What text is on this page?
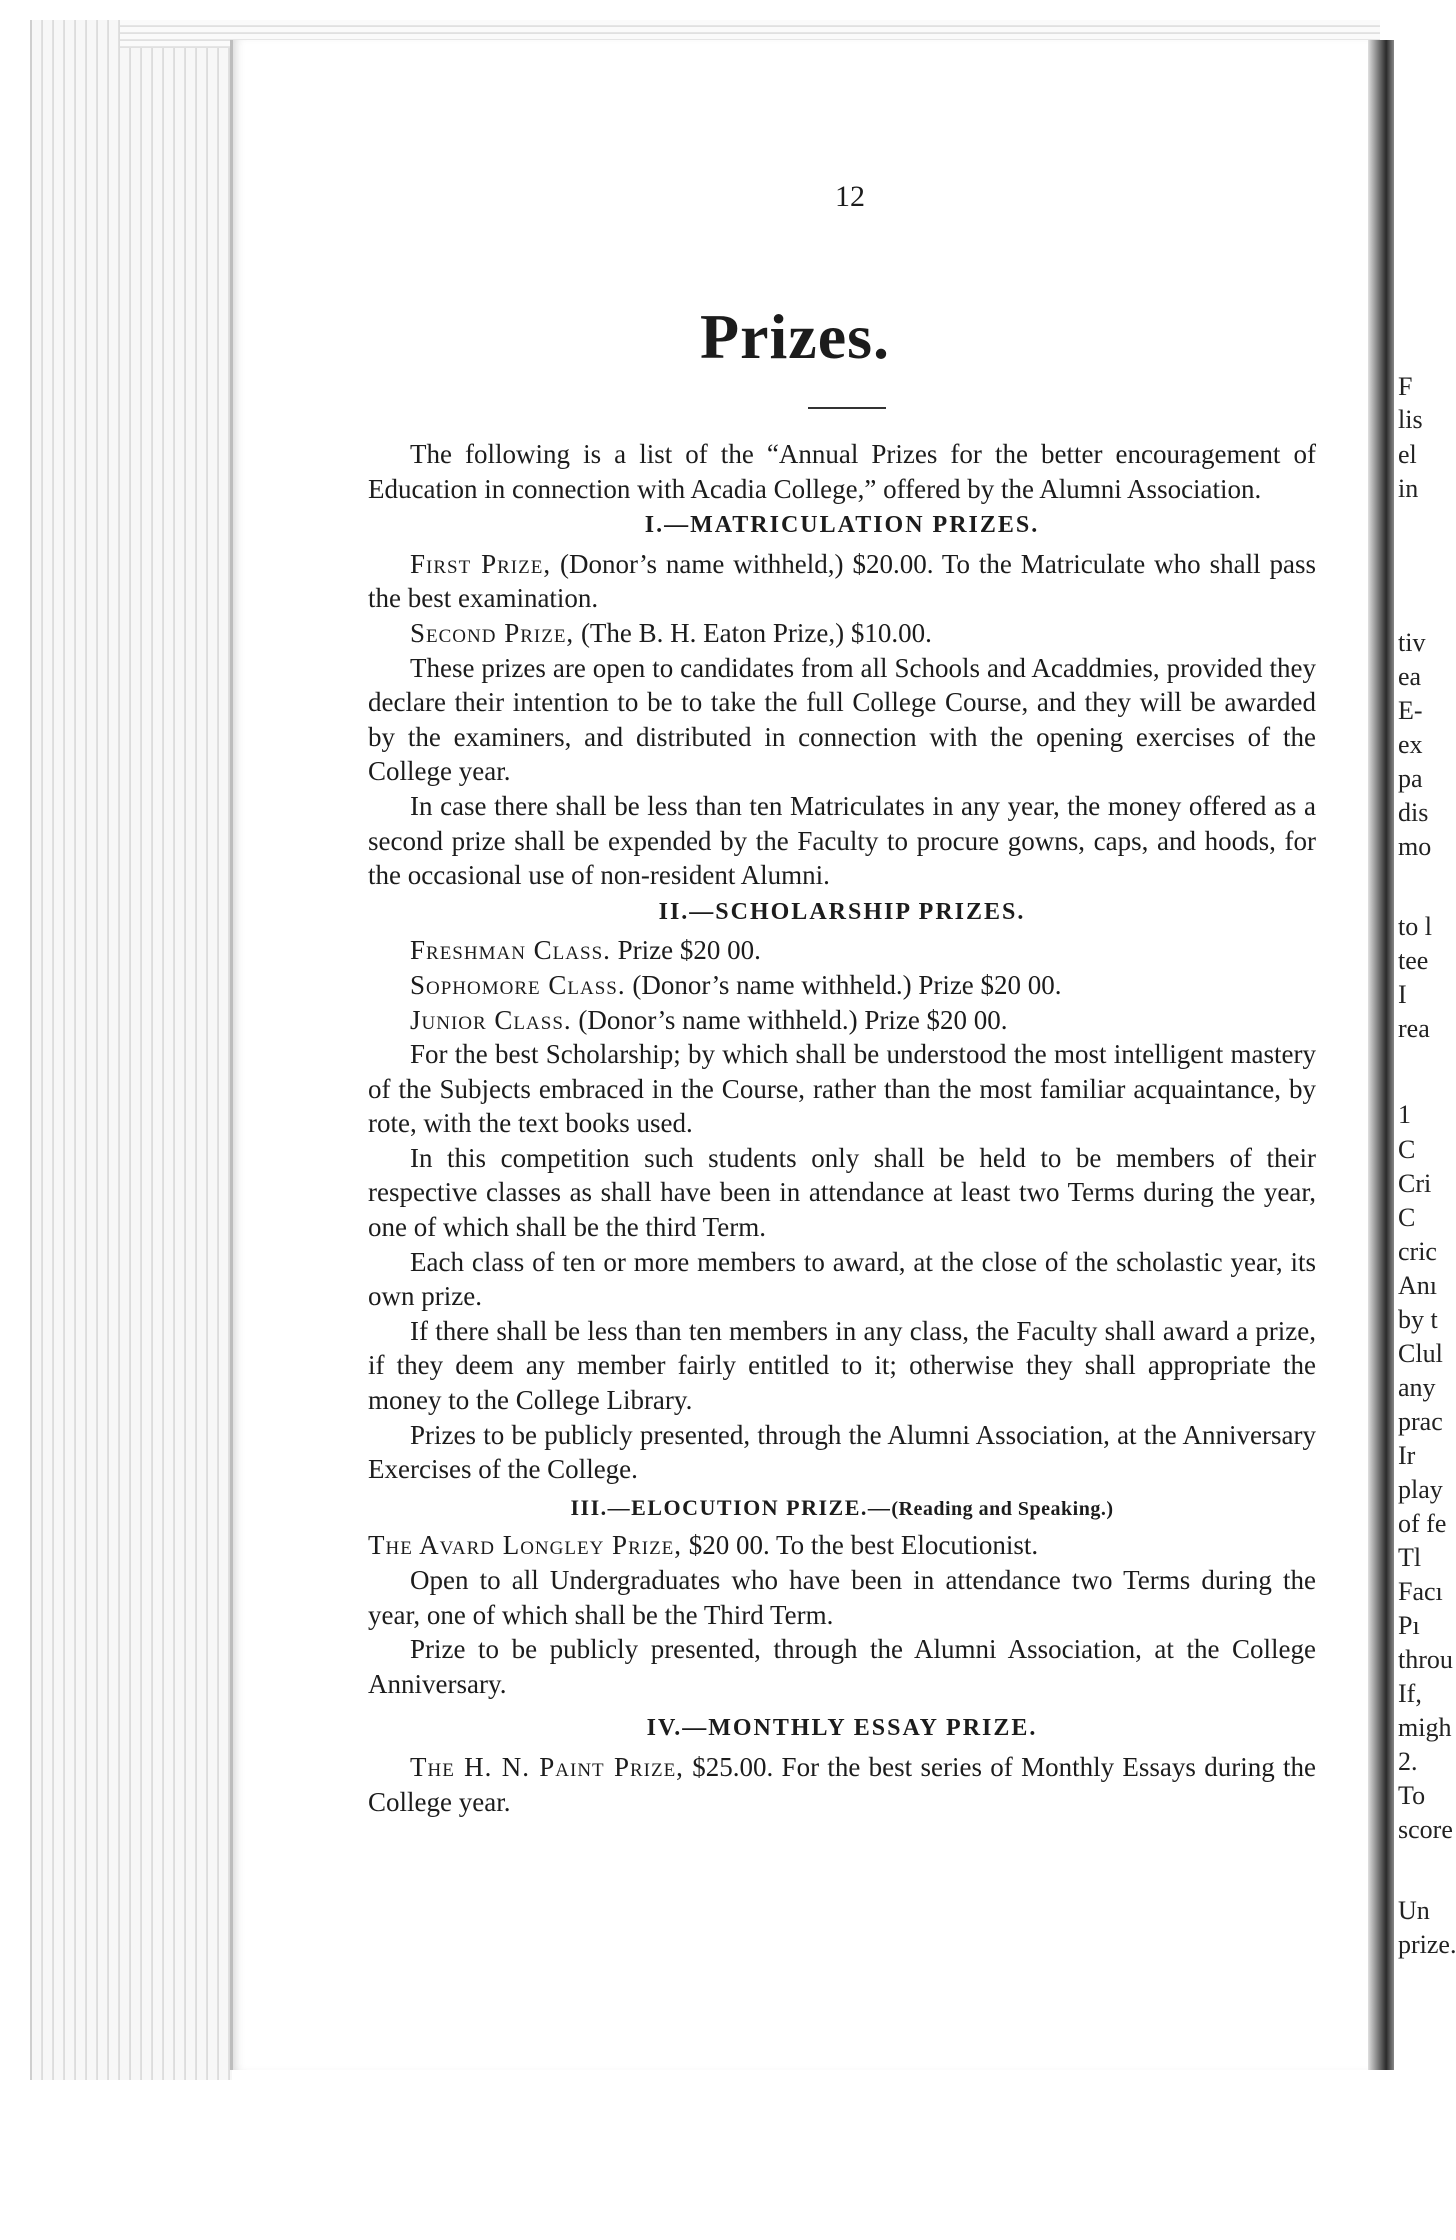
F
lis
el
in
tiv
ea
E-
ex
pa
dis
mo
to l
tee
I
rea
1
C
Cri
C
cric
Anı
by t
Clul
any
prac
Ir
play
of fe
Tl
Facı
Pı
throu
If,
migh
2.
To
score
Un
prize.
12
Prizes.

The following is a list of the “Annual Prizes for the better encouragement of Education in connection with Acadia College,” offered by the Alumni Association.

I.—MATRICULATION PRIZES.

First Prize, (Donor’s name withheld,) $20.00. To the Matriculate who shall pass the best examination.

Second Prize, (The B. H. Eaton Prize,) $10.00.

These prizes are open to candidates from all Schools and Acaddmies, provided they declare their intention to be to take the full College Course, and they will be awarded by the examiners, and distributed in connection with the opening exercises of the College year.

In case there shall be less than ten Matriculates in any year, the money offered as a second prize shall be expended by the Faculty to procure gowns, caps, and hoods, for the occasional use of non-resident Alumni.

II.—SCHOLARSHIP PRIZES.

Freshman Class. Prize $20 00.

Sophomore Class. (Donor’s name withheld.) Prize $20 00.

Junior Class. (Donor’s name withheld.) Prize $20 00.

For the best Scholarship; by which shall be understood the most intelligent mastery of the Subjects embraced in the Course, rather than the most familiar acquaintance, by rote, with the text books used.

In this competition such students only shall be held to be members of their respective classes as shall have been in attendance at least two Terms during the year, one of which shall be the third Term.

Each class of ten or more members to award, at the close of the scholastic year, its own prize.

If there shall be less than ten members in any class, the Faculty shall award a prize, if they deem any member fairly entitled to it; otherwise they shall appropriate the money to the College Library.

Prizes to be publicly presented, through the Alumni Association, at the Anniversary Exercises of the College.

III.—ELOCUTION PRIZE.—(Reading and Speaking.)

The Avard Longley Prize, $20 00. To the best Elocutionist.

Open to all Undergraduates who have been in attendance two Terms during the year, one of which shall be the Third Term.

Prize to be publicly presented, through the Alumni Association, at the College Anniversary.

IV.—MONTHLY ESSAY PRIZE.

The H. N. Paint Prize, $25.00. For the best series of Monthly Essays during the College year.
